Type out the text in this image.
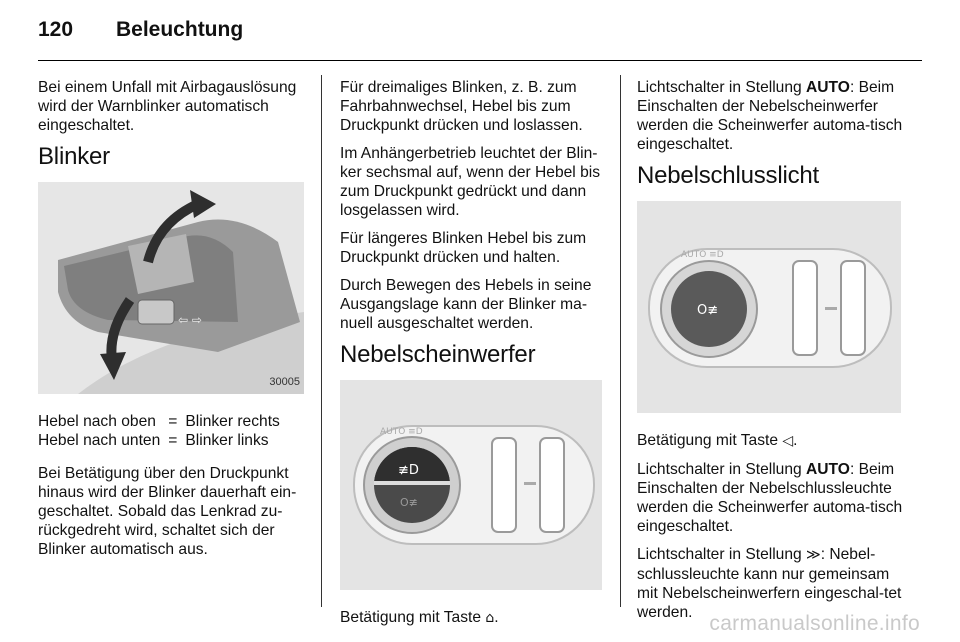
120 Beleuchtung

Bei einem Unfall mit Airbagauslösung wird der Warnblinker automatisch eingeschaltet.

Blinker
⇦ ⇨
30005
Hebel nach oben	=	Blinker rechts
Hebel nach unten	=	Blinker links

Bei Betätigung über den Druckpunkt hinaus wird der Blinker dauerhaft ein-geschaltet. Sobald das Lenkrad zu-rückgedreht wird, schaltet sich der Blinker automatisch aus.

Für dreimaliges Blinken, z. B. zum Fahrbahnwechsel, Hebel bis zum Druckpunkt drücken und loslassen.

Im Anhängerbetrieb leuchtet der Blin-ker sechsmal auf, wenn der Hebel bis zum Druckpunkt gedrückt und dann losgelassen wird.

Für längeres Blinken Hebel bis zum Druckpunkt drücken und halten.

Durch Bewegen des Hebels in seine Ausgangslage kann der Blinker ma-nuell ausgeschaltet werden.

Nebelscheinwerfer
≢D
O≢
AUTO ≡D

Betätigung mit Taste ⌂.

Lichtschalter in Stellung AUTO: Beim Einschalten der Nebelscheinwerfer werden die Scheinwerfer automa-tisch eingeschaltet.

Nebelschlusslicht
O≢
AUTO ≡D

Betätigung mit Taste ◁.

Lichtschalter in Stellung AUTO: Beim Einschalten der Nebelschlussleuchte werden die Scheinwerfer automa-tisch eingeschaltet.

Lichtschalter in Stellung ≫: Nebel-schlussleuchte kann nur gemeinsam mit Nebelscheinwerfern eingeschal-tet werden. carmanualsonline.info
